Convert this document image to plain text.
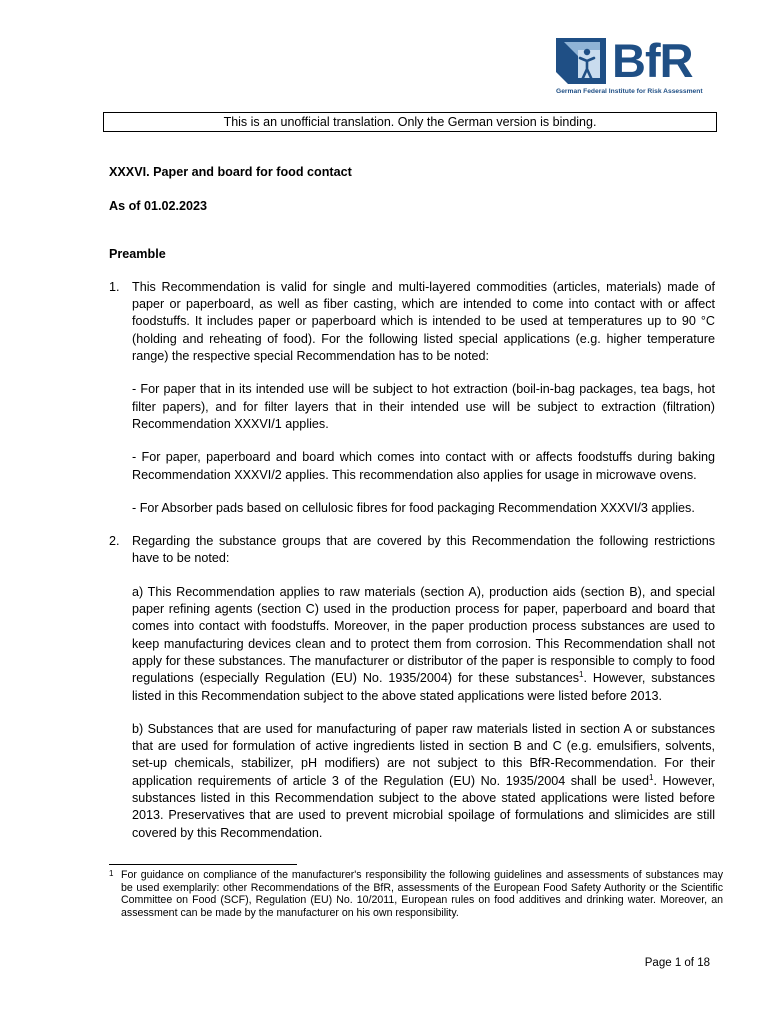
BfR
German Federal Institute for Risk Assessment
This is an unofficial translation. Only the German version is binding.

XXXVI. Paper and board for food contact

As of 01.02.2023

Preamble

1. This Recommendation is valid for single and multi-layered commodities (articles, materials) made of paper or paperboard, as well as fiber casting, which are intended to come into contact with or affect foodstuffs. It includes paper or paperboard which is intended to be used at temperatures up to 90 °C (holding and reheating of food). For the following listed special applications (e.g. higher temperature range) the respective special Recommendation has to be noted:

- For paper that in its intended use will be subject to hot extraction (boil-in-bag packages, tea bags, hot filter papers), and for filter layers that in their intended use will be subject to extraction (filtration) Recommendation XXXVI/1 applies.

- For paper, paperboard and board which comes into contact with or affects foodstuffs during baking Recommendation XXXVI/2 applies. This recommendation also applies for usage in microwave ovens.

- For Absorber pads based on cellulosic fibres for food packaging Recommendation XXXVI/3 applies.

2. Regarding the substance groups that are covered by this Recommendation the following restrictions have to be noted:

a) This Recommendation applies to raw materials (section A), production aids (section B), and special paper refining agents (section C) used in the production process for paper, paperboard and board that comes into contact with foodstuffs. Moreover, in the paper production process substances are used to keep manufacturing devices clean and to protect them from corrosion. This Recommendation shall not apply for these substances. The manufacturer or distributor of the paper is responsible to comply to food regulations (especially Regulation (EU) No. 1935/2004) for these substances$^1$. However, substances listed in this Recommendation subject to the above stated applications were listed before 2013.

b) Substances that are used for manufacturing of paper raw materials listed in section A or substances that are used for formulation of active ingredients listed in section B and C (e.g. emulsifiers, solvents, set-up chemicals, stabilizer, pH modifiers) are not subject to this BfR-Recommendation. For their application requirements of article 3 of the Regulation (EU) No. 1935/2004 shall be used$^1$. However, substances listed in this Recommendation subject to the above stated applications were listed before 2013. Preservatives that are used to prevent microbial spoilage of formulations and slimicides are still covered by this Recommendation.

1 For guidance on compliance of the manufacturer's responsibility the following guidelines and assessments of substances may be used exemplarily: other Recommendations of the BfR, assessments of the European Food Safety Authority or the Scientific Committee on Food (SCF), Regulation (EU) No. 10/2011, European rules on food additives and drinking water. Moreover, an assessment can be made by the manufacturer on his own responsibility.
Page 1 of 18
